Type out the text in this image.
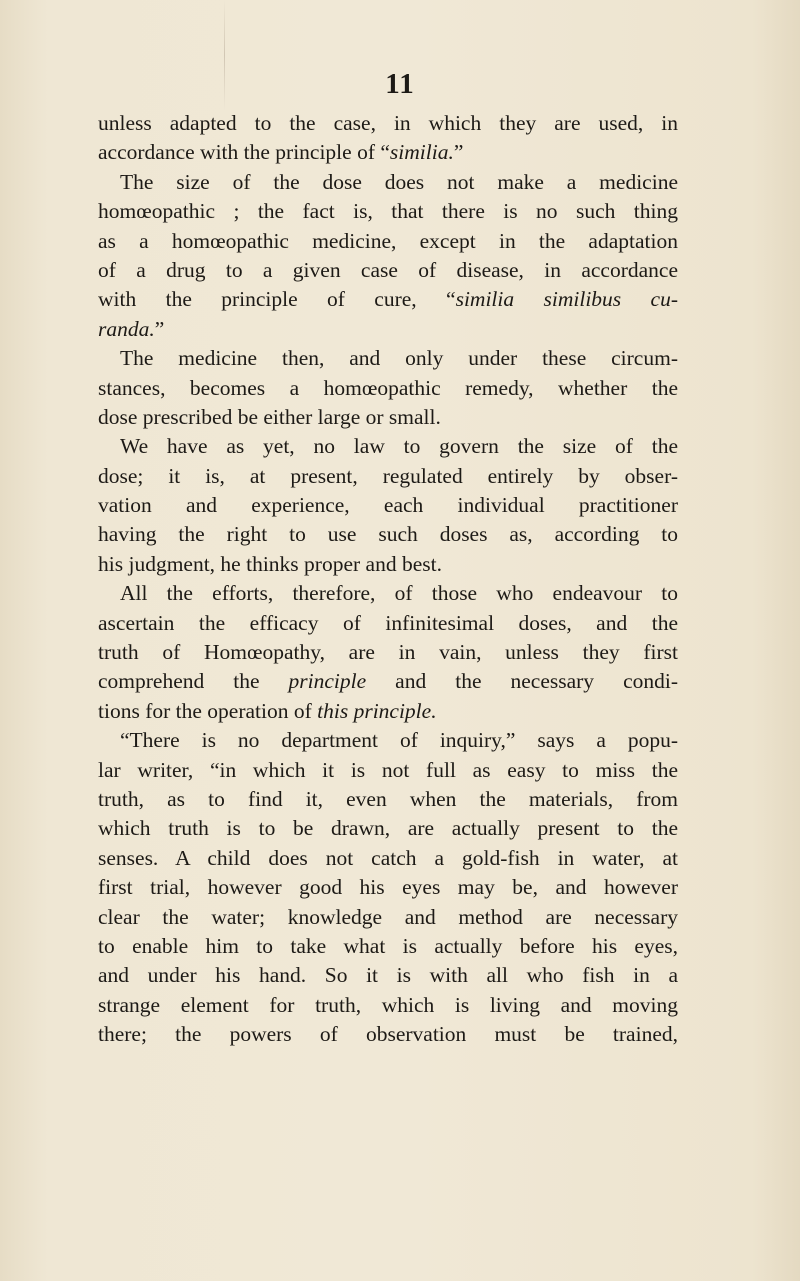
11
unless adapted to the case, in which they are used, in
accordance with the principle of “similia.”
The size of the dose does not make a medicine
homœopathic ; the fact is, that there is no such thing
as a homœopathic medicine, except in the adaptation
of a drug to a given case of disease, in accordance
with the principle of cure, “similia similibus cu-
randa.”
The medicine then, and only under these circum-
stances, becomes a homœopathic remedy, whether the
dose prescribed be either large or small.
We have as yet, no law to govern the size of the
dose; it is, at present, regulated entirely by obser-
vation and experience, each individual practitioner
having the right to use such doses as, according to
his judgment, he thinks proper and best.
All the efforts, therefore, of those who endeavour to
ascertain the efficacy of infinitesimal doses, and the
truth of Homœopathy, are in vain, unless they first
comprehend the principle and the necessary condi-
tions for the operation of this principle.
“There is no department of inquiry,” says a popu-
lar writer, “in which it is not full as easy to miss the
truth, as to find it, even when the materials, from
which truth is to be drawn, are actually present to the
senses. A child does not catch a gold-fish in water, at
first trial, however good his eyes may be, and however
clear the water; knowledge and method are necessary
to enable him to take what is actually before his eyes,
and under his hand. So it is with all who fish in a
strange element for truth, which is living and moving
there; the powers of observation must be trained,
